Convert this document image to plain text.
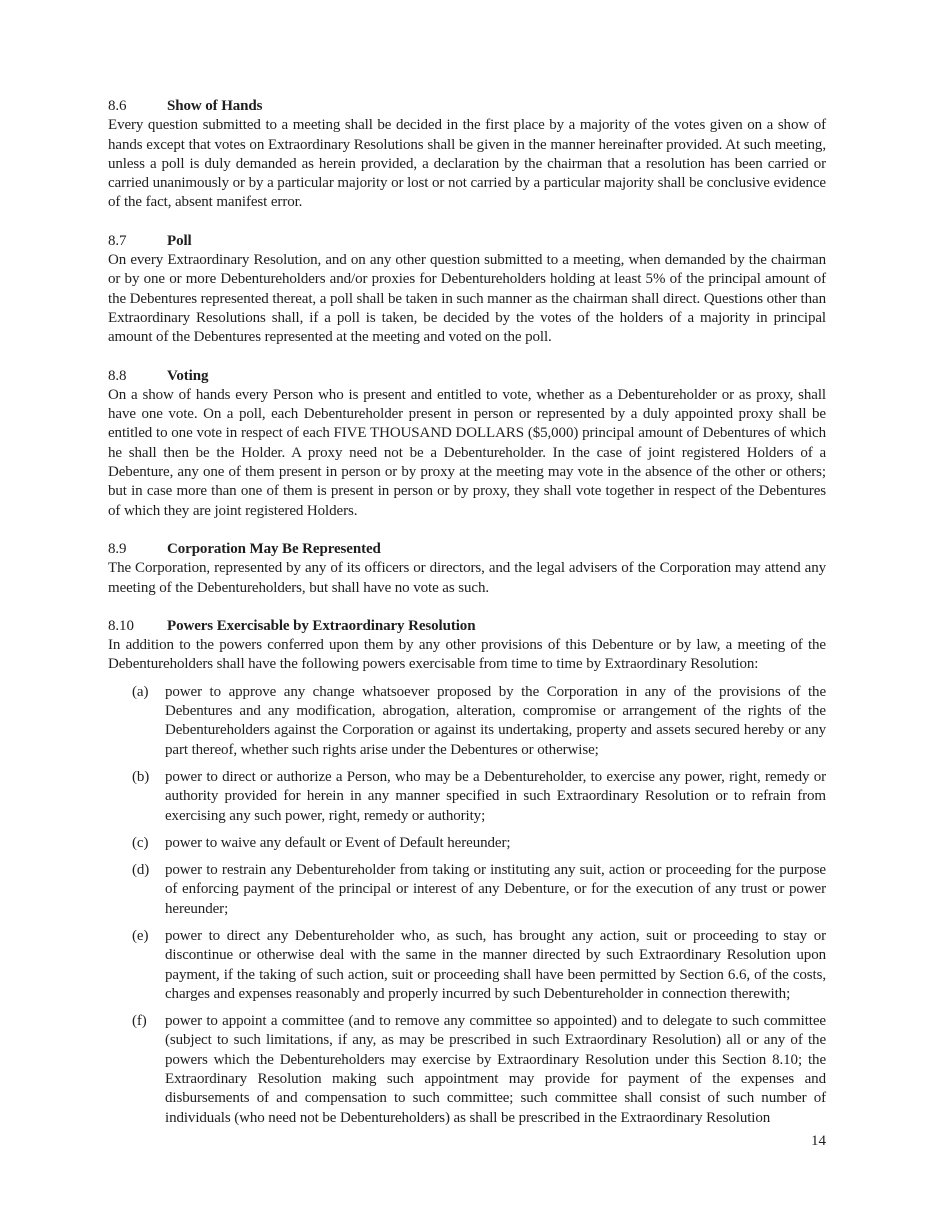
8.6	Show of Hands

Every question submitted to a meeting shall be decided in the first place by a majority of the votes given on a show of hands except that votes on Extraordinary Resolutions shall be given in the manner hereinafter provided. At such meeting, unless a poll is duly demanded as herein provided, a declaration by the chairman that a resolution has been carried or carried unanimously or by a particular majority or lost or not carried by a particular majority shall be conclusive evidence of the fact, absent manifest error.

8.7	Poll

On every Extraordinary Resolution, and on any other question submitted to a meeting, when demanded by the chairman or by one or more Debentureholders and/or proxies for Debentureholders holding at least 5% of the principal amount of the Debentures represented thereat, a poll shall be taken in such manner as the chairman shall direct. Questions other than Extraordinary Resolutions shall, if a poll is taken, be decided by the votes of the holders of a majority in principal amount of the Debentures represented at the meeting and voted on the poll.

8.8	Voting

On a show of hands every Person who is present and entitled to vote, whether as a Debentureholder or as proxy, shall have one vote. On a poll, each Debentureholder present in person or represented by a duly appointed proxy shall be entitled to one vote in respect of each FIVE THOUSAND DOLLARS ($5,000) principal amount of Debentures of which he shall then be the Holder. A proxy need not be a Debentureholder. In the case of joint registered Holders of a Debenture, any one of them present in person or by proxy at the meeting may vote in the absence of the other or others; but in case more than one of them is present in person or by proxy, they shall vote together in respect of the Debentures of which they are joint registered Holders.

8.9	Corporation May Be Represented

The Corporation, represented by any of its officers or directors, and the legal advisers of the Corporation may attend any meeting of the Debentureholders, but shall have no vote as such.

8.10 Powers Exercisable by Extraordinary Resolution

In addition to the powers conferred upon them by any other provisions of this Debenture or by law, a meeting of the Debentureholders shall have the following powers exercisable from time to time by Extraordinary Resolution:

(a) power to approve any change whatsoever proposed by the Corporation in any of the provisions of the Debentures and any modification, abrogation, alteration, compromise or arrangement of the rights of the Debentureholders against the Corporation or against its undertaking, property and assets secured hereby or any part thereof, whether such rights arise under the Debentures or otherwise;
(b) power to direct or authorize a Person, who may be a Debentureholder, to exercise any power, right, remedy or authority provided for herein in any manner specified in such Extraordinary Resolution or to refrain from exercising any such power, right, remedy or authority;
(c) power to waive any default or Event of Default hereunder;
(d) power to restrain any Debentureholder from taking or instituting any suit, action or proceeding for the purpose of enforcing payment of the principal or interest of any Debenture, or for the execution of any trust or power hereunder;
(e) power to direct any Debentureholder who, as such, has brought any action, suit or proceeding to stay or discontinue or otherwise deal with the same in the manner directed by such Extraordinary Resolution upon payment, if the taking of such action, suit or proceeding shall have been permitted by Section 6.6, of the costs, charges and expenses reasonably and properly incurred by such Debentureholder in connection therewith;
(f) power to appoint a committee (and to remove any committee so appointed) and to delegate to such committee (subject to such limitations, if any, as may be prescribed in such Extraordinary Resolution) all or any of the powers which the Debentureholders may exercise by Extraordinary Resolution under this Section 8.10; the Extraordinary Resolution making such appointment may provide for payment of the expenses and disbursements of and compensation to such committee; such committee shall consist of such number of individuals (who need not be Debentureholders) as shall be prescribed in the Extraordinary Resolution
14
